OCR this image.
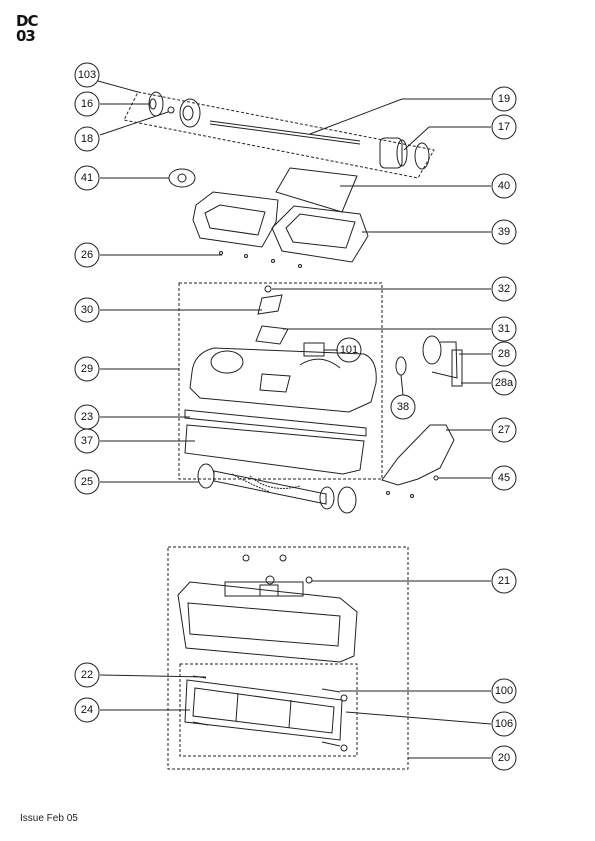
DC
03
103
16
18
19
17
41
40
26
39
32
30
31
101
29
28
28a
38
23
27
37
25	45
21
22
100
24
106
20
Issue Feb 05
